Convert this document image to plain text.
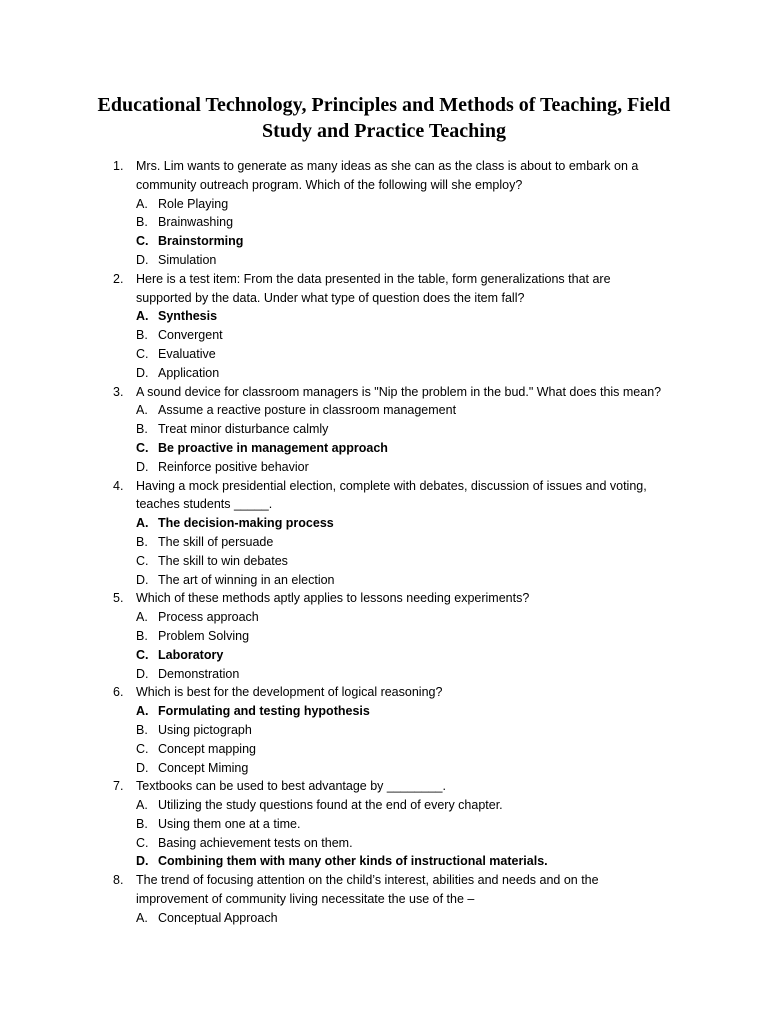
Educational Technology, Principles and Methods of Teaching, Field
Study and Practice Teaching
1.	Mrs. Lim wants to generate as many ideas as she can as the class is about to embark on a community outreach program. Which of the following will she employ?
A. Role Playing
B. Brainwashing
C. Brainstorming
D. Simulation
2.	Here is a test item: From the data presented in the table, form generalizations that are supported by the data. Under what type of question does the item fall?
A. Synthesis
B. Convergent
C. Evaluative
D. Application
3.	A sound device for classroom managers is "Nip the problem in the bud." What does this mean?
A. Assume a reactive posture in classroom management
B. Treat minor disturbance calmly
C. Be proactive in management approach
D. Reinforce positive behavior
4.	Having a mock presidential election, complete with debates, discussion of issues and voting, teaches students _____.
A. The decision-making process
B. The skill of persuade
C. The skill to win debates
D. The art of winning in an election
5.	Which of these methods aptly applies to lessons needing experiments?
A. Process approach
B. Problem Solving
C. Laboratory
D. Demonstration
6.	Which is best for the development of logical reasoning?
A. Formulating and testing hypothesis
B. Using pictograph
C. Concept mapping
D. Concept Miming
7.	Textbooks can be used to best advantage by ________.
A. Utilizing the study questions found at the end of every chapter.
B. Using them one at a time.
C. Basing achievement tests on them.
D. Combining them with many other kinds of instructional materials.
8.	The trend of focusing attention on the child’s interest, abilities and needs and on the improvement of community living necessitate the use of the –
A. Conceptual Approach
